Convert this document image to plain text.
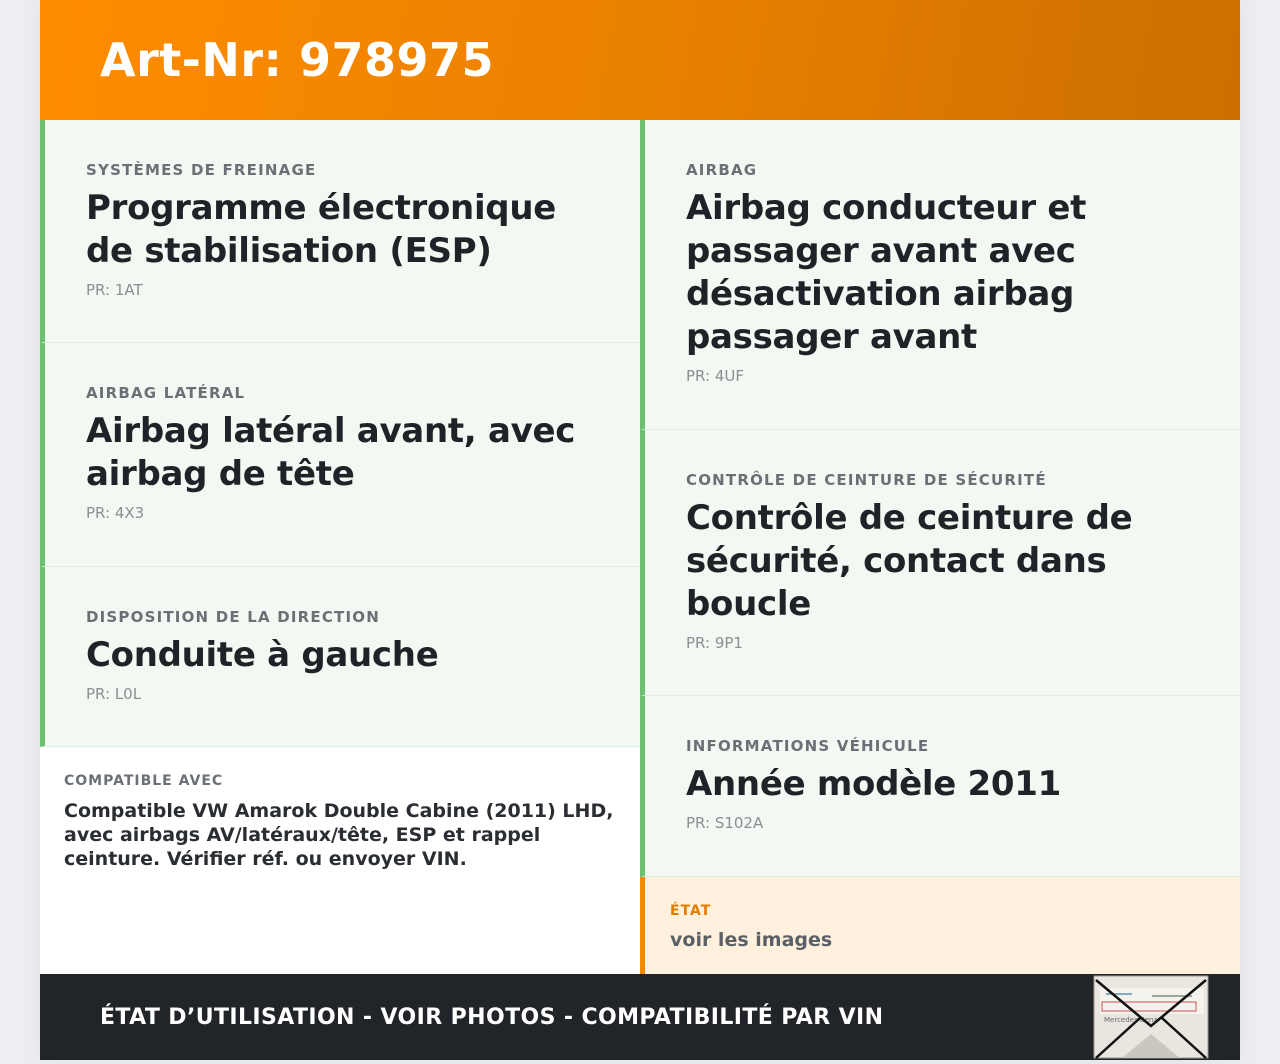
Art-Nr: 978975
SYSTÈMES DE FREINAGE
Programme électronique de stabilisation (ESP)
PR: 1AT
AIRBAG LATÉRAL
Airbag latéral avant, avec airbag de tête
PR: 4X3
DISPOSITION DE LA DIRECTION
Conduite à gauche
PR: L0L
COMPATIBLE AVEC
Compatible VW Amarok Double Cabine (2011) LHD, avec airbags AV/latéraux/tête, ESP et rappel ceinture. Vérifier réf. ou envoyer VIN.
AIRBAG
Airbag conducteur et passager avant avec désactivation airbag passager avant
PR: 4UF
CONTRÔLE DE CEINTURE DE SÉCURITÉ
Contrôle de ceinture de sécurité, contact dans boucle
PR: 9P1
INFORMATIONS VÉHICULE
Année modèle 2011
PR: S102A
ÉTAT
voir les images
ÉTAT D’UTILISATION - VOIR PHOTOS - COMPATIBILITÉ PAR VIN	Mercedes-Benz
